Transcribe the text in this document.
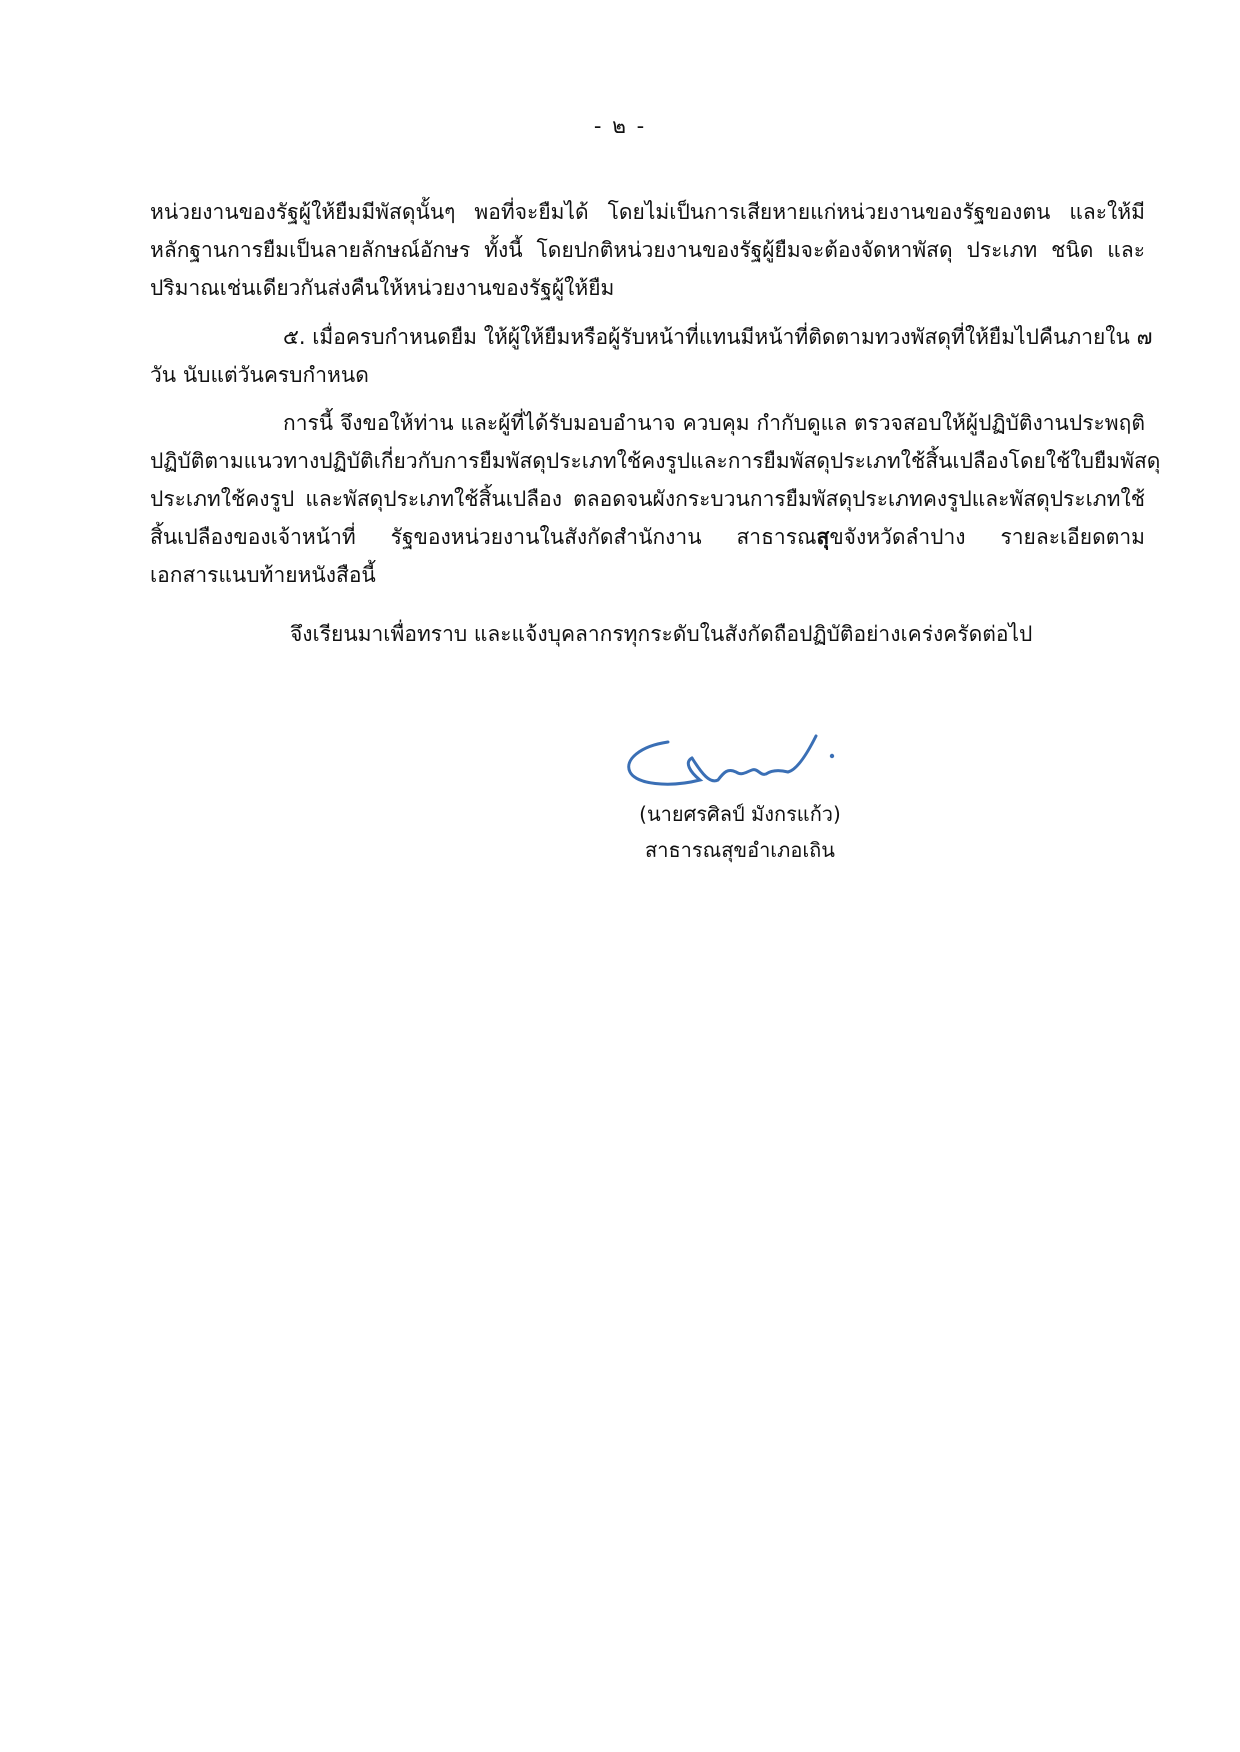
- ๒ -
หน่วยงานของรัฐผู้ให้ยืมมีพัสดุนั้นๆ พอที่จะยืมได้ โดยไม่เป็นการเสียหายแก่หน่วยงานของรัฐของตน และให้มี
หลักฐานการยืมเป็นลายลักษณ์อักษร ทั้งนี้ โดยปกติหน่วยงานของรัฐผู้ยืมจะต้องจัดหาพัสดุ ประเภท ชนิด และ
ปริมาณเช่นเดียวกันส่งคืนให้หน่วยงานของรัฐผู้ให้ยืม
๕. เมื่อครบกำหนดยืม ให้ผู้ให้ยืมหรือผู้รับหน้าที่แทนมีหน้าที่ติดตามทวงพัสดุที่ให้ยืมไปคืนภายใน ๗
วัน นับแต่วันครบกำหนด
การนี้ จึงขอให้ท่าน และผู้ที่ได้รับมอบอำนาจ ควบคุม กำกับดูแล ตรวจสอบให้ผู้ปฏิบัติงานประพฤติ
ปฏิบัติตามแนวทางปฏิบัติเกี่ยวกับการยืมพัสดุประเภทใช้คงรูปและการยืมพัสดุประเภทใช้สิ้นเปลืองโดยใช้ใบยืมพัสดุ
ประเภทใช้คงรูป และพัสดุประเภทใช้สิ้นเปลือง ตลอดจนผังกระบวนการยืมพัสดุประเภทคงรูปและพัสดุประเภทใช้
สิ้นเปลืองของเจ้าหน้าที่ รัฐของหน่วยงานในสังกัดสำนักงาน สาธารณสุขจังหวัดลำปาง รายละเอียดตาม
เอกสารแนบท้ายหนังสือนี้
จึงเรียนมาเพื่อทราบ และแจ้งบุคลากรทุกระดับในสังกัดถือปฏิบัติอย่างเคร่งครัดต่อไป
(นายศรศิลป์ มังกรแก้ว)
สาธารณสุขอำเภอเถิน
